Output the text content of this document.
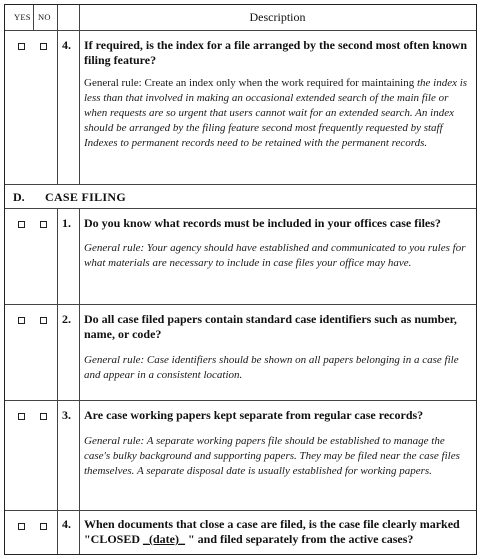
YES NO	Description
4. If required, is the index for a file arranged by the second most often known filing feature?
General rule: Create an index only when the work required for maintaining the index is less than that involved in making an occasional extended search of the main file or when requests are so urgent that users cannot wait for an extended search. An index should be arranged by the filing feature second most frequently requested by staff Indexes to permanent records need to be retained with the permanent records.
D. CASE FILING
1. Do you know what records must be included in your offices case files?
General rule: Your agency should have established and communicated to you rules for what materials are necessary to include in case files your office may have.
2. Do all case filed papers contain standard case identifiers such as number, name, or code?
General rule: Case identifiers should be shown on all papers belonging in a case file and appear in a consistent location.
3. Are case working papers kept separate from regular case records?
General rule: A separate working papers file should be established to manage the case's bulky background and supporting papers. They may be filed near the case files themselves. A separate disposal date is usually established for working papers.
4. When documents that close a case are filed, is the case file clearly marked "CLOSED _(date)_ " and filed separately from the active cases?
